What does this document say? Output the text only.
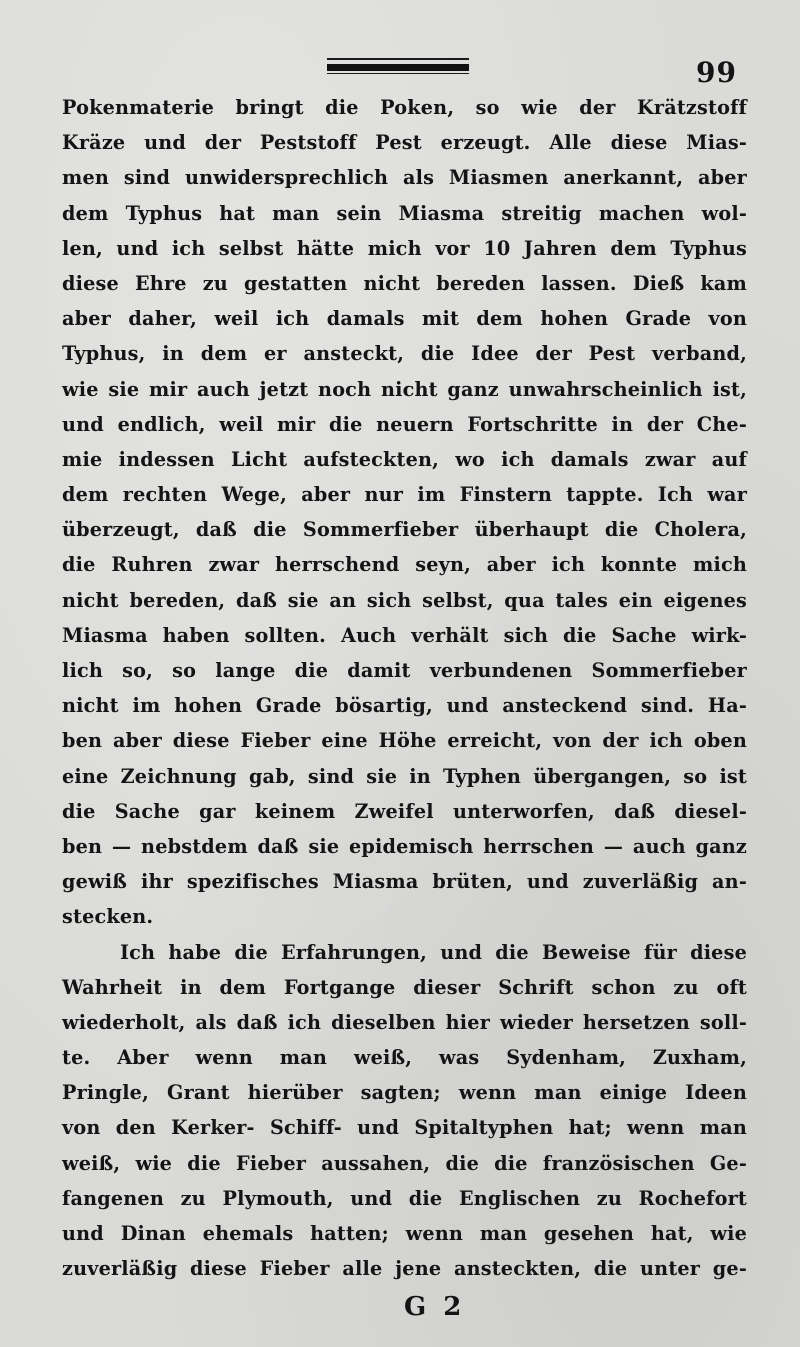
99
Pokenmaterie bringt die Poken, so wie der Krätzstoff
Kräze und der Peststoff Pest erzeugt. Alle diese Mias-
men sind unwidersprechlich als Miasmen anerkannt, aber
dem Typhus hat man sein Miasma streitig machen wol-
len, und ich selbst hätte mich vor 10 Jahren dem Typhus
diese Ehre zu gestatten nicht bereden lassen. Dieß kam
aber daher, weil ich damals mit dem hohen Grade von
Typhus, in dem er ansteckt, die Idee der Pest verband,
wie sie mir auch jetzt noch nicht ganz unwahrscheinlich ist,
und endlich, weil mir die neuern Fortschritte in der Che-
mie indessen Licht aufsteckten, wo ich damals zwar auf
dem rechten Wege, aber nur im Finstern tappte. Ich war
überzeugt, daß die Sommerfieber überhaupt die Cholera,
die Ruhren zwar herrschend seyn, aber ich konnte mich
nicht bereden, daß sie an sich selbst, qua tales ein eigenes
Miasma haben sollten. Auch verhält sich die Sache wirk-
lich so, so lange die damit verbundenen Sommerfieber
nicht im hohen Grade bösartig, und ansteckend sind. Ha-
ben aber diese Fieber eine Höhe erreicht, von der ich oben
eine Zeichnung gab, sind sie in Typhen übergangen, so ist
die Sache gar keinem Zweifel unterworfen, daß diesel-
ben — nebstdem daß sie epidemisch herrschen — auch ganz
gewiß ihr spezifisches Miasma brüten, und zuverläßig an-
stecken.
Ich habe die Erfahrungen, und die Beweise für diese
Wahrheit in dem Fortgange dieser Schrift schon zu oft
wiederholt, als daß ich dieselben hier wieder hersetzen soll-
te. Aber wenn man weiß, was Sydenham, Zuxham,
Pringle, Grant hierüber sagten; wenn man einige Ideen
von den Kerker- Schiff- und Spitaltyphen hat; wenn man
weiß, wie die Fieber aussahen, die die französischen Ge-
fangenen zu Plymouth, und die Englischen zu Rochefort
und Dinan ehemals hatten; wenn man gesehen hat, wie
zuverläßig diese Fieber alle jene ansteckten, die unter ge-
G 2
